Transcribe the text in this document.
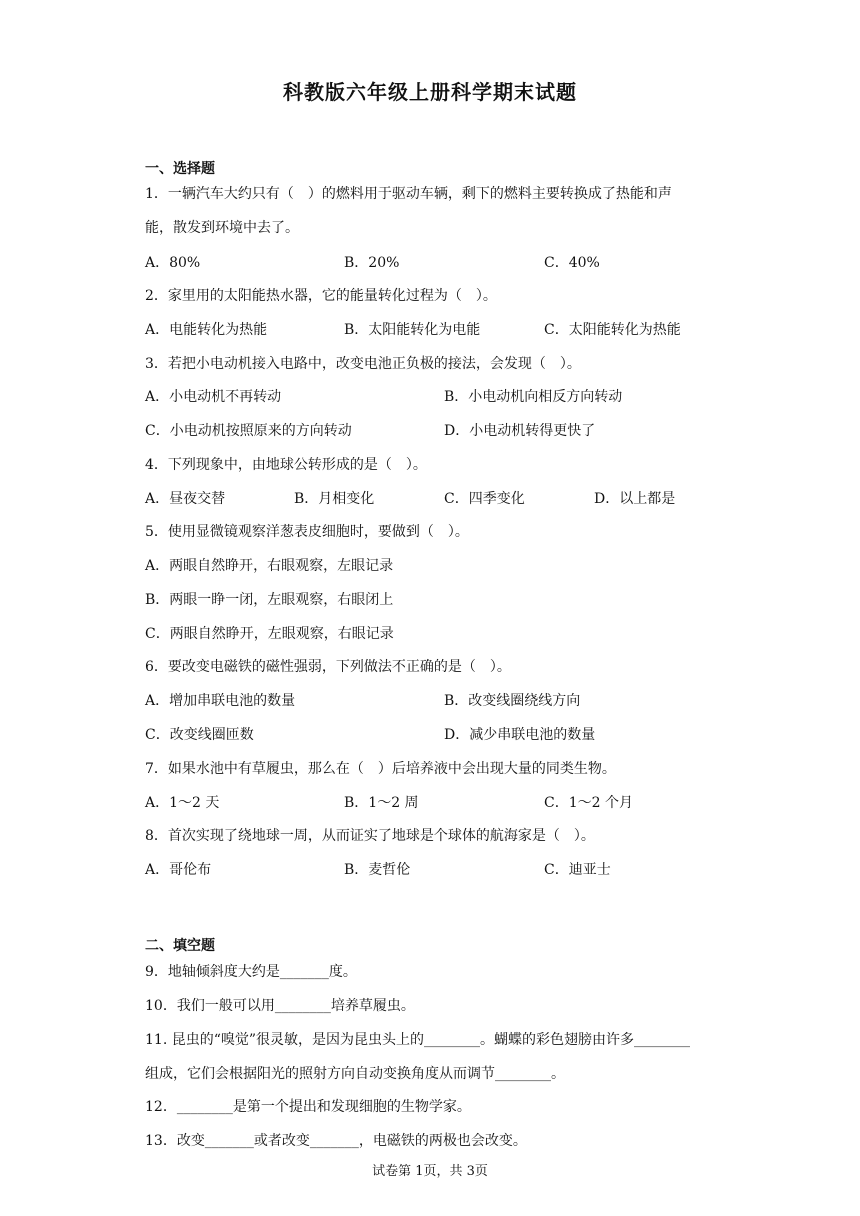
科教版六年级上册科学期末试题
一、选择题
1．一辆汽车大约只有（　）的燃料用于驱动车辆，剩下的燃料主要转换成了热能和声
能，散发到环境中去了。
A．80%	B．20%	C．40%
2．家里用的太阳能热水器，它的能量转化过程为（　）。
A．电能转化为热能	B．太阳能转化为电能	C．太阳能转化为热能
3．若把小电动机接入电路中，改变电池正负极的接法，会发现（　）。
A．小电动机不再转动	B．小电动机向相反方向转动
C．小电动机按照原来的方向转动	D．小电动机转得更快了
4．下列现象中，由地球公转形成的是（　）。
A．昼夜交替	B．月相变化	C．四季变化	D．以上都是
5．使用显微镜观察洋葱表皮细胞时，要做到（　）。
A．两眼自然睁开，右眼观察，左眼记录
B．两眼一睁一闭，左眼观察，右眼闭上
C．两眼自然睁开，左眼观察，右眼记录
6．要改变电磁铁的磁性强弱，下列做法不正确的是（　）。
A．增加串联电池的数量	B．改变线圈绕线方向
C．改变线圈匝数	D．减少串联电池的数量
7．如果水池中有草履虫，那么在（　）后培养液中会出现大量的同类生物。
A．1～2 天	B．1～2 周	C．1～2 个月
8．首次实现了绕地球一周，从而证实了地球是个球体的航海家是（　）。
A．哥伦布	B．麦哲伦	C．迪亚士
二、填空题
9．地轴倾斜度大约是_______度。
10．我们一般可以用________培养草履虫。
11. 昆虫的“嗅觉”很灵敏，是因为昆虫头上的________。蝴蝶的彩色翅膀由许多________
组成，它们会根据阳光的照射方向自动变换角度从而调节________。
12．________是第一个提出和发现细胞的生物学家。
13．改变_______或者改变_______，电磁铁的两极也会改变。
试卷第 1页，共 3页
